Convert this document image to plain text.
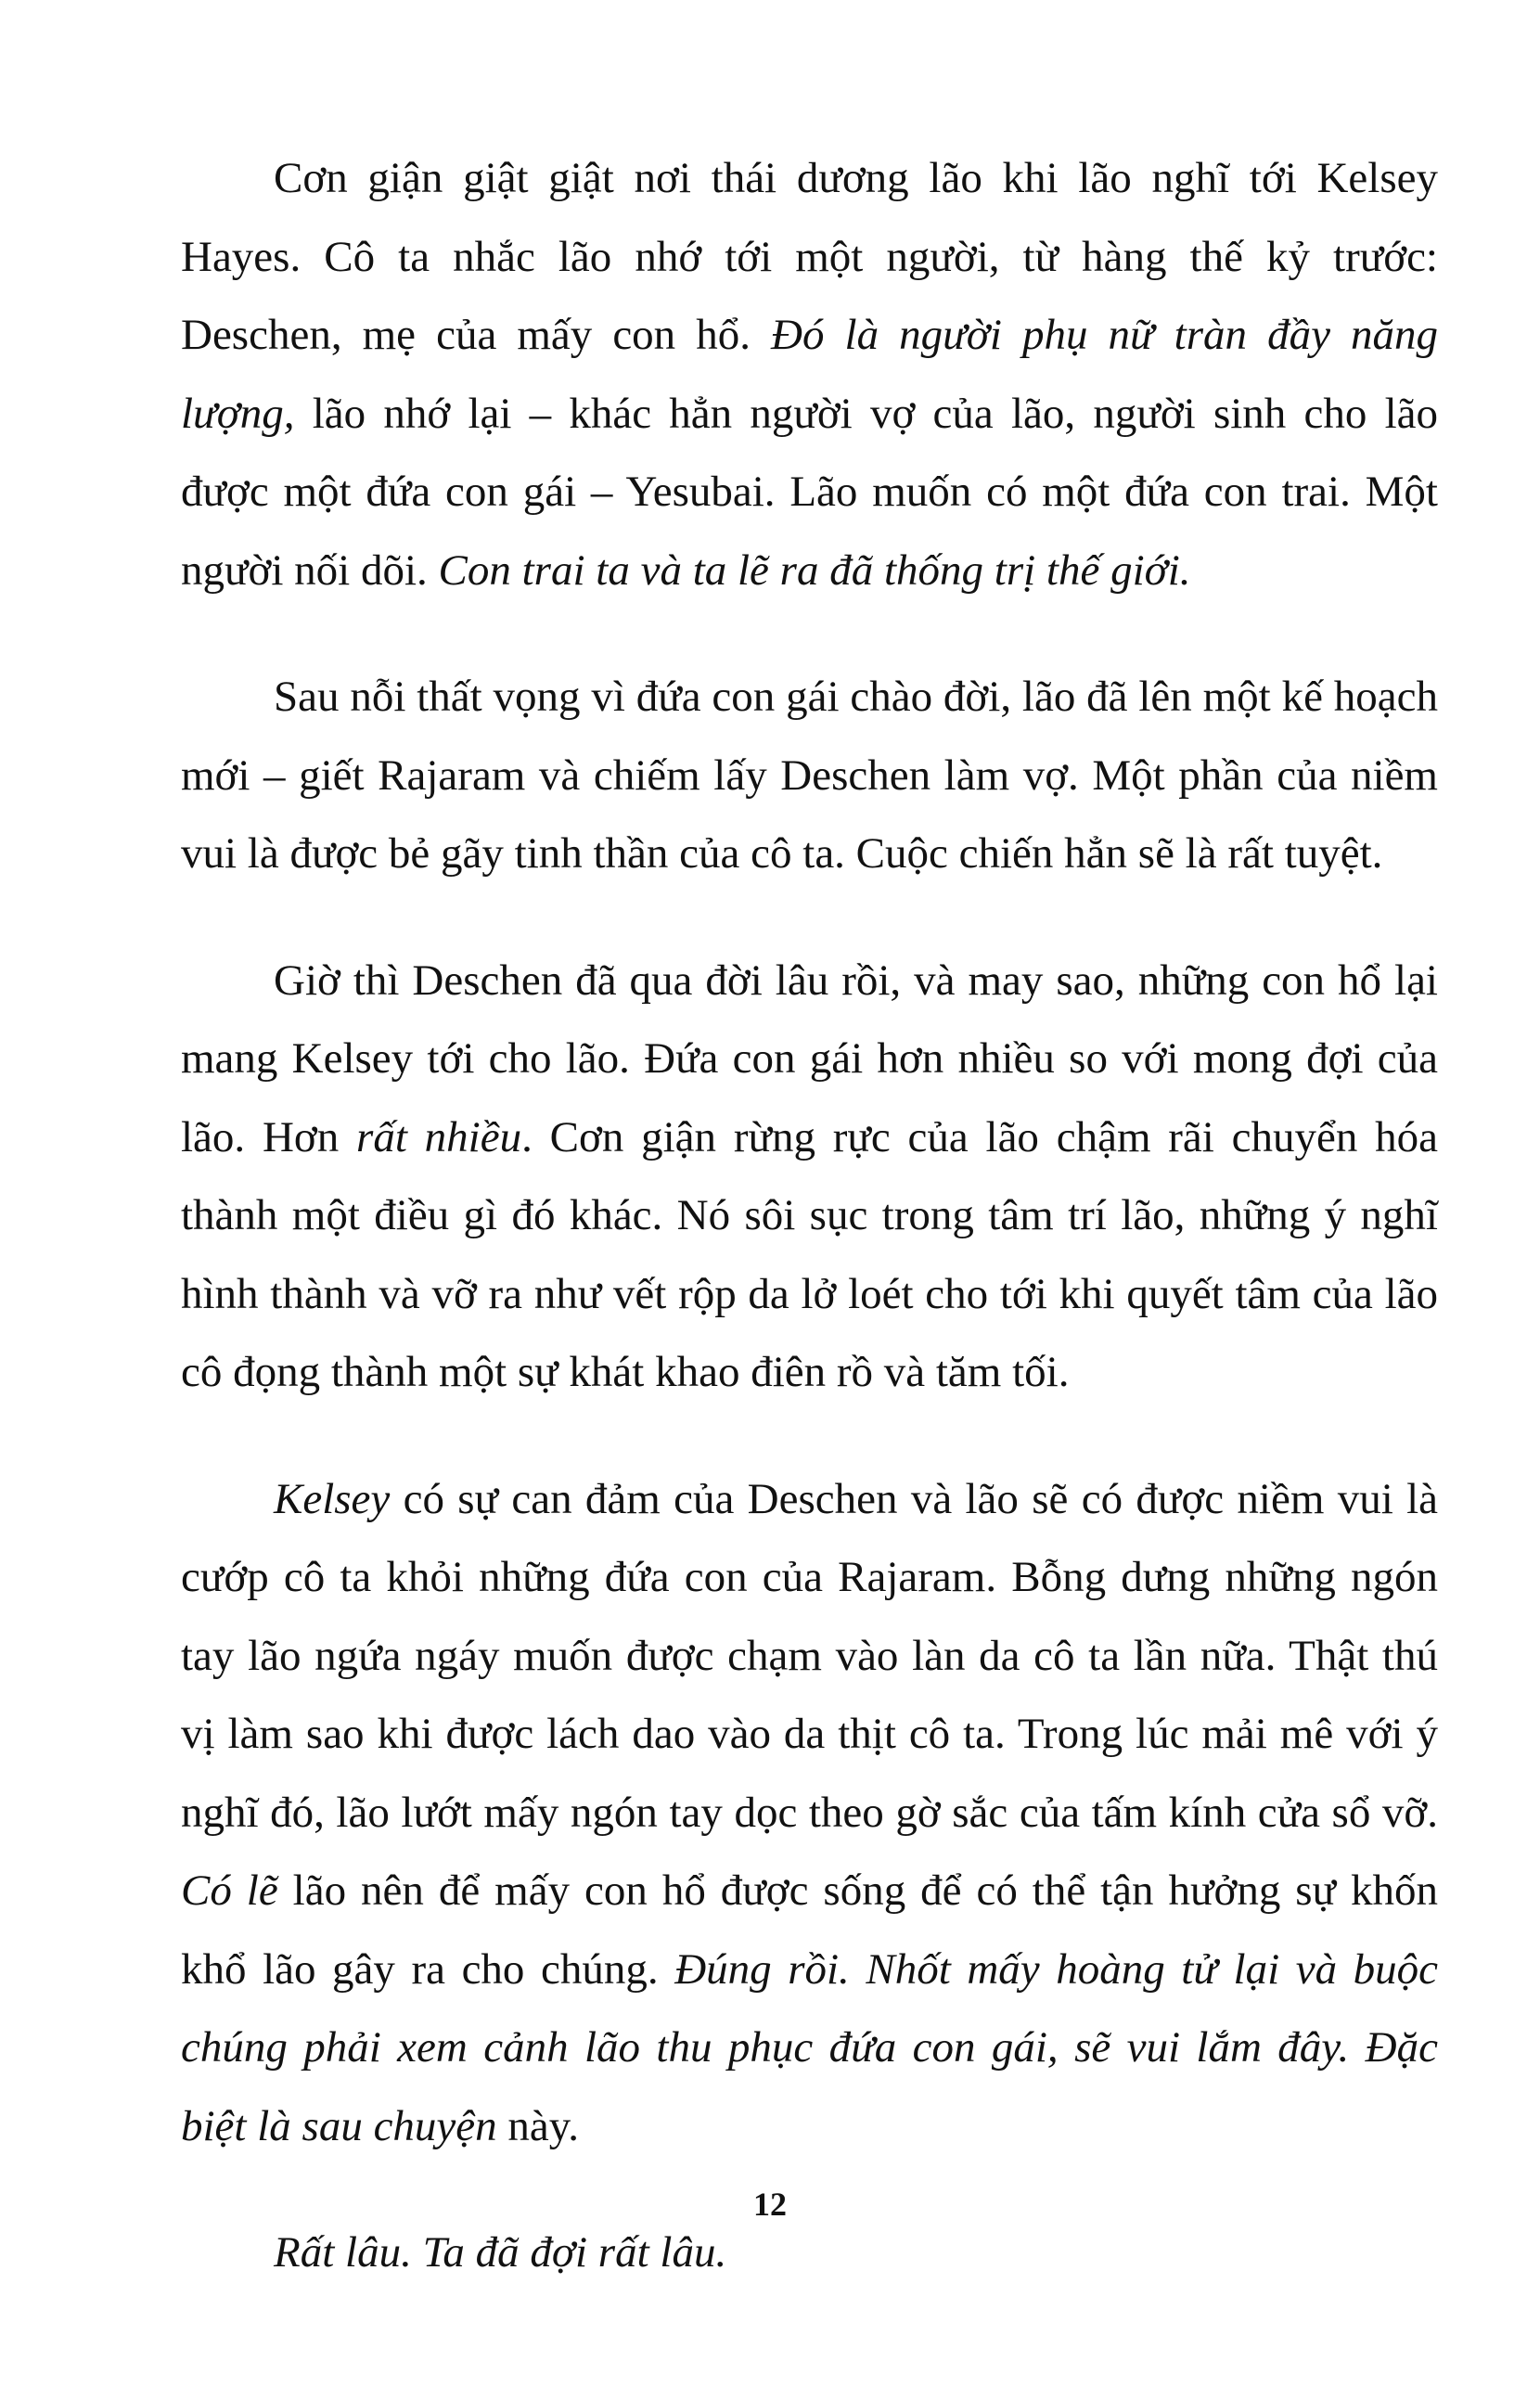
Cơn giận giật giật nơi thái dương lão khi lão nghĩ tới Kelsey Hayes. Cô ta nhắc lão nhớ tới một người, từ hàng thế kỷ trước: Deschen, mẹ của mấy con hổ. Đó là người phụ nữ tràn đầy năng lượng, lão nhớ lại – khác hẳn người vợ của lão, người sinh cho lão được một đứa con gái – Yesubai. Lão muốn có một đứa con trai. Một người nối dõi. Con trai ta và ta lẽ ra đã thống trị thế giới.

Sau nỗi thất vọng vì đứa con gái chào đời, lão đã lên một kế hoạch mới – giết Rajaram và chiếm lấy Deschen làm vợ. Một phần của niềm vui là được bẻ gãy tinh thần của cô ta. Cuộc chiến hẳn sẽ là rất tuyệt.

Giờ thì Deschen đã qua đời lâu rồi, và may sao, những con hổ lại mang Kelsey tới cho lão. Đứa con gái hơn nhiều so với mong đợi của lão. Hơn rất nhiều. Cơn giận rừng rực của lão chậm rãi chuyển hóa thành một điều gì đó khác. Nó sôi sục trong tâm trí lão, những ý nghĩ hình thành và vỡ ra như vết rộp da lở loét cho tới khi quyết tâm của lão cô đọng thành một sự khát khao điên rồ và tăm tối.

Kelsey có sự can đảm của Deschen và lão sẽ có được niềm vui là cướp cô ta khỏi những đứa con của Rajaram. Bỗng dưng những ngón tay lão ngứa ngáy muốn được chạm vào làn da cô ta lần nữa. Thật thú vị làm sao khi được lách dao vào da thịt cô ta. Trong lúc mải mê với ý nghĩ đó, lão lướt mấy ngón tay dọc theo gờ sắc của tấm kính cửa sổ vỡ. Có lẽ lão nên để mấy con hổ được sống để có thể tận hưởng sự khốn khổ lão gây ra cho chúng. Đúng rồi. Nhốt mấy hoàng tử lại và buộc chúng phải xem cảnh lão thu phục đứa con gái, sẽ vui lắm đây. Đặc biệt là sau chuyện này.

Rất lâu. Ta đã đợi rất lâu.

12
